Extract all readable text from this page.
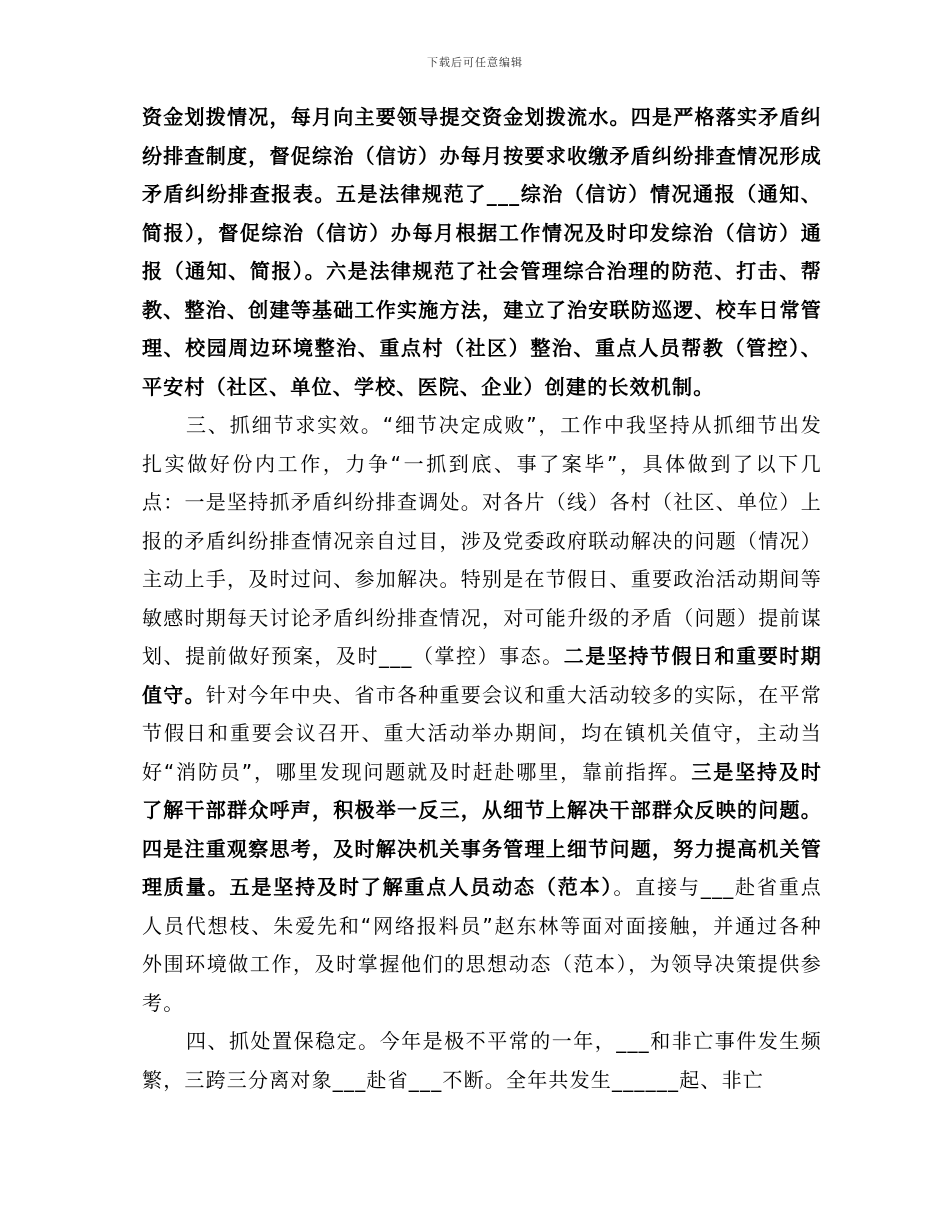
下载后可任意编辑

资金划拨情况，每月向主要领导提交资金划拨流水。四是严格落实矛盾纠纷排查制度，督促综治（信访）办每月按要求收缴矛盾纠纷排查情况形成矛盾纠纷排查报表。五是法律规范了___综治（信访）情况通报（通知、简报），督促综治（信访）办每月根据工作情况及时印发综治（信访）通报（通知、简报）。六是法律规范了社会管理综合治理的防范、打击、帮教、整治、创建等基础工作实施方法，建立了治安联防巡逻、校车日常管理、校园周边环境整治、重点村（社区）整治、重点人员帮教（管控）、平安村（社区、单位、学校、医院、企业）创建的长效机制。

三、抓细节求实效。“细节决定成败”，工作中我坚持从抓细节出发扎实做好份内工作，力争“一抓到底、事了案毕”，具体做到了以下几点：一是坚持抓矛盾纠纷排查调处。对各片（线）各村（社区、单位）上报的矛盾纠纷排查情况亲自过目，涉及党委政府联动解决的问题（情况）主动上手，及时过问、参加解决。特别是在节假日、重要政治活动期间等敏感时期每天讨论矛盾纠纷排查情况，对可能升级的矛盾（问题）提前谋划、提前做好预案，及时___（掌控）事态。二是坚持节假日和重要时期值守。针对今年中央、省市各种重要会议和重大活动较多的实际，在平常节假日和重要会议召开、重大活动举办期间，均在镇机关值守，主动当好“消防员”，哪里发现问题就及时赶赴哪里，靠前指挥。三是坚持及时了解干部群众呼声，积极举一反三，从细节上解决干部群众反映的问题。四是注重观察思考，及时解决机关事务管理上细节问题，努力提高机关管理质量。五是坚持及时了解重点人员动态（范本）。直接与___赴省重点人员代想枝、朱爱先和“网络报料员”赵东林等面对面接触，并通过各种外围环境做工作，及时掌握他们的思想动态（范本），为领导决策提供参考。

四、抓处置保稳定。今年是极不平常的一年，___和非亡事件发生频繁，三跨三分离对象___赴省___不断。全年共发生______起、非亡
